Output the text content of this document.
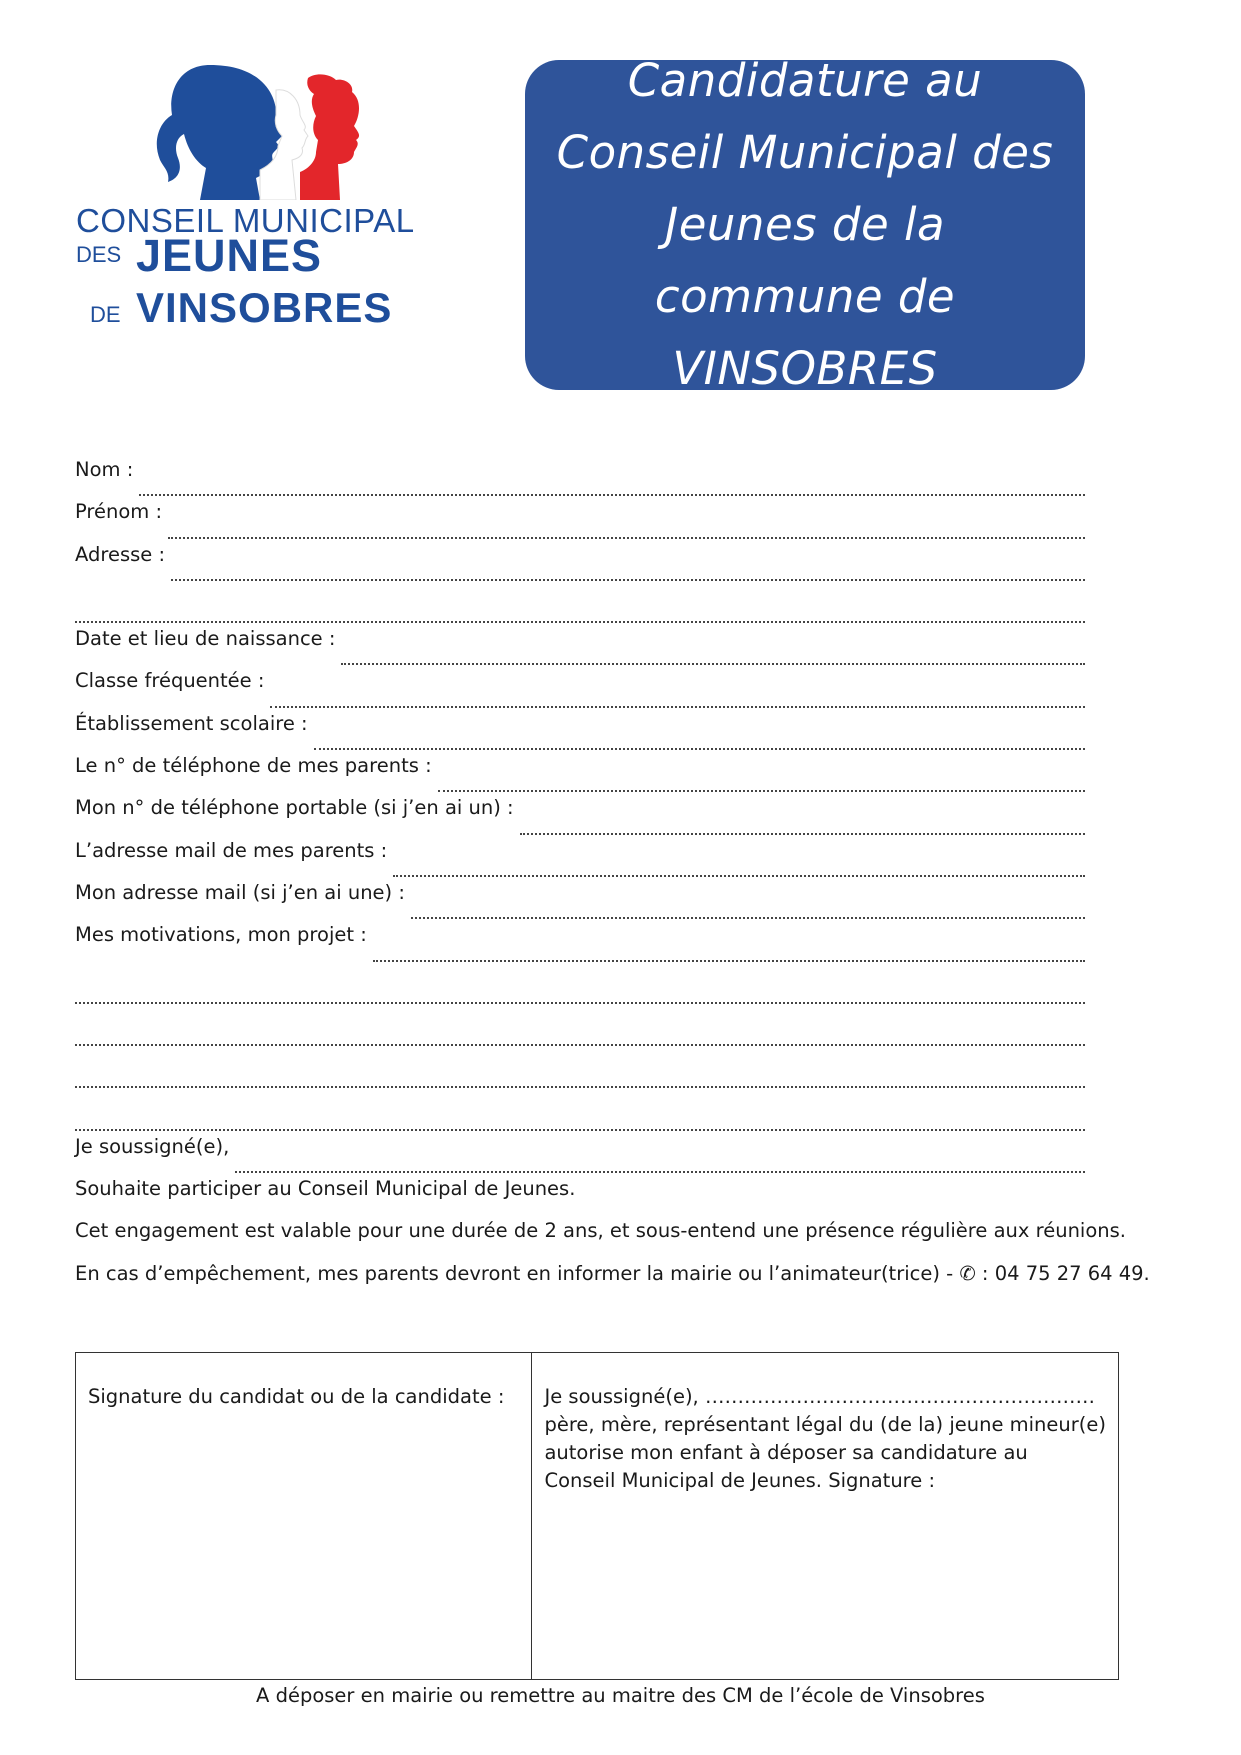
CONSEIL MUNICIPAL
DES JEUNES
DE VINSOBRES
Candidature au Conseil Municipal des Jeunes de la commune de VINSOBRES
Nom :
Prénom :
Adresse :
Date et lieu de naissance :
Classe fréquentée :
Établissement scolaire :
Le n° de téléphone de mes parents :
Mon n° de téléphone portable (si j’en ai un) :
L’adresse mail de mes parents :
Mon adresse mail (si j’en ai une) :
Mes motivations, mon projet :
Je soussigné(e),
Souhaite participer au Conseil Municipal de Jeunes.
Cet engagement est valable pour une durée de 2 ans, et sous-entend une présence régulière aux réunions.
En cas d’empêchement, mes parents devront en informer la mairie ou l’animateur(trice) - ✆ : 04 75 27 64 49.
Signature du candidat ou de la candidate :	Je soussigné(e), ……………………………………………………
père, mère, représentant légal du (de la) jeune mineur(e)
autorise mon enfant à déposer sa candidature au
Conseil Municipal de Jeunes. Signature :
A déposer en mairie ou remettre au maitre des CM de l’école de Vinsobres
